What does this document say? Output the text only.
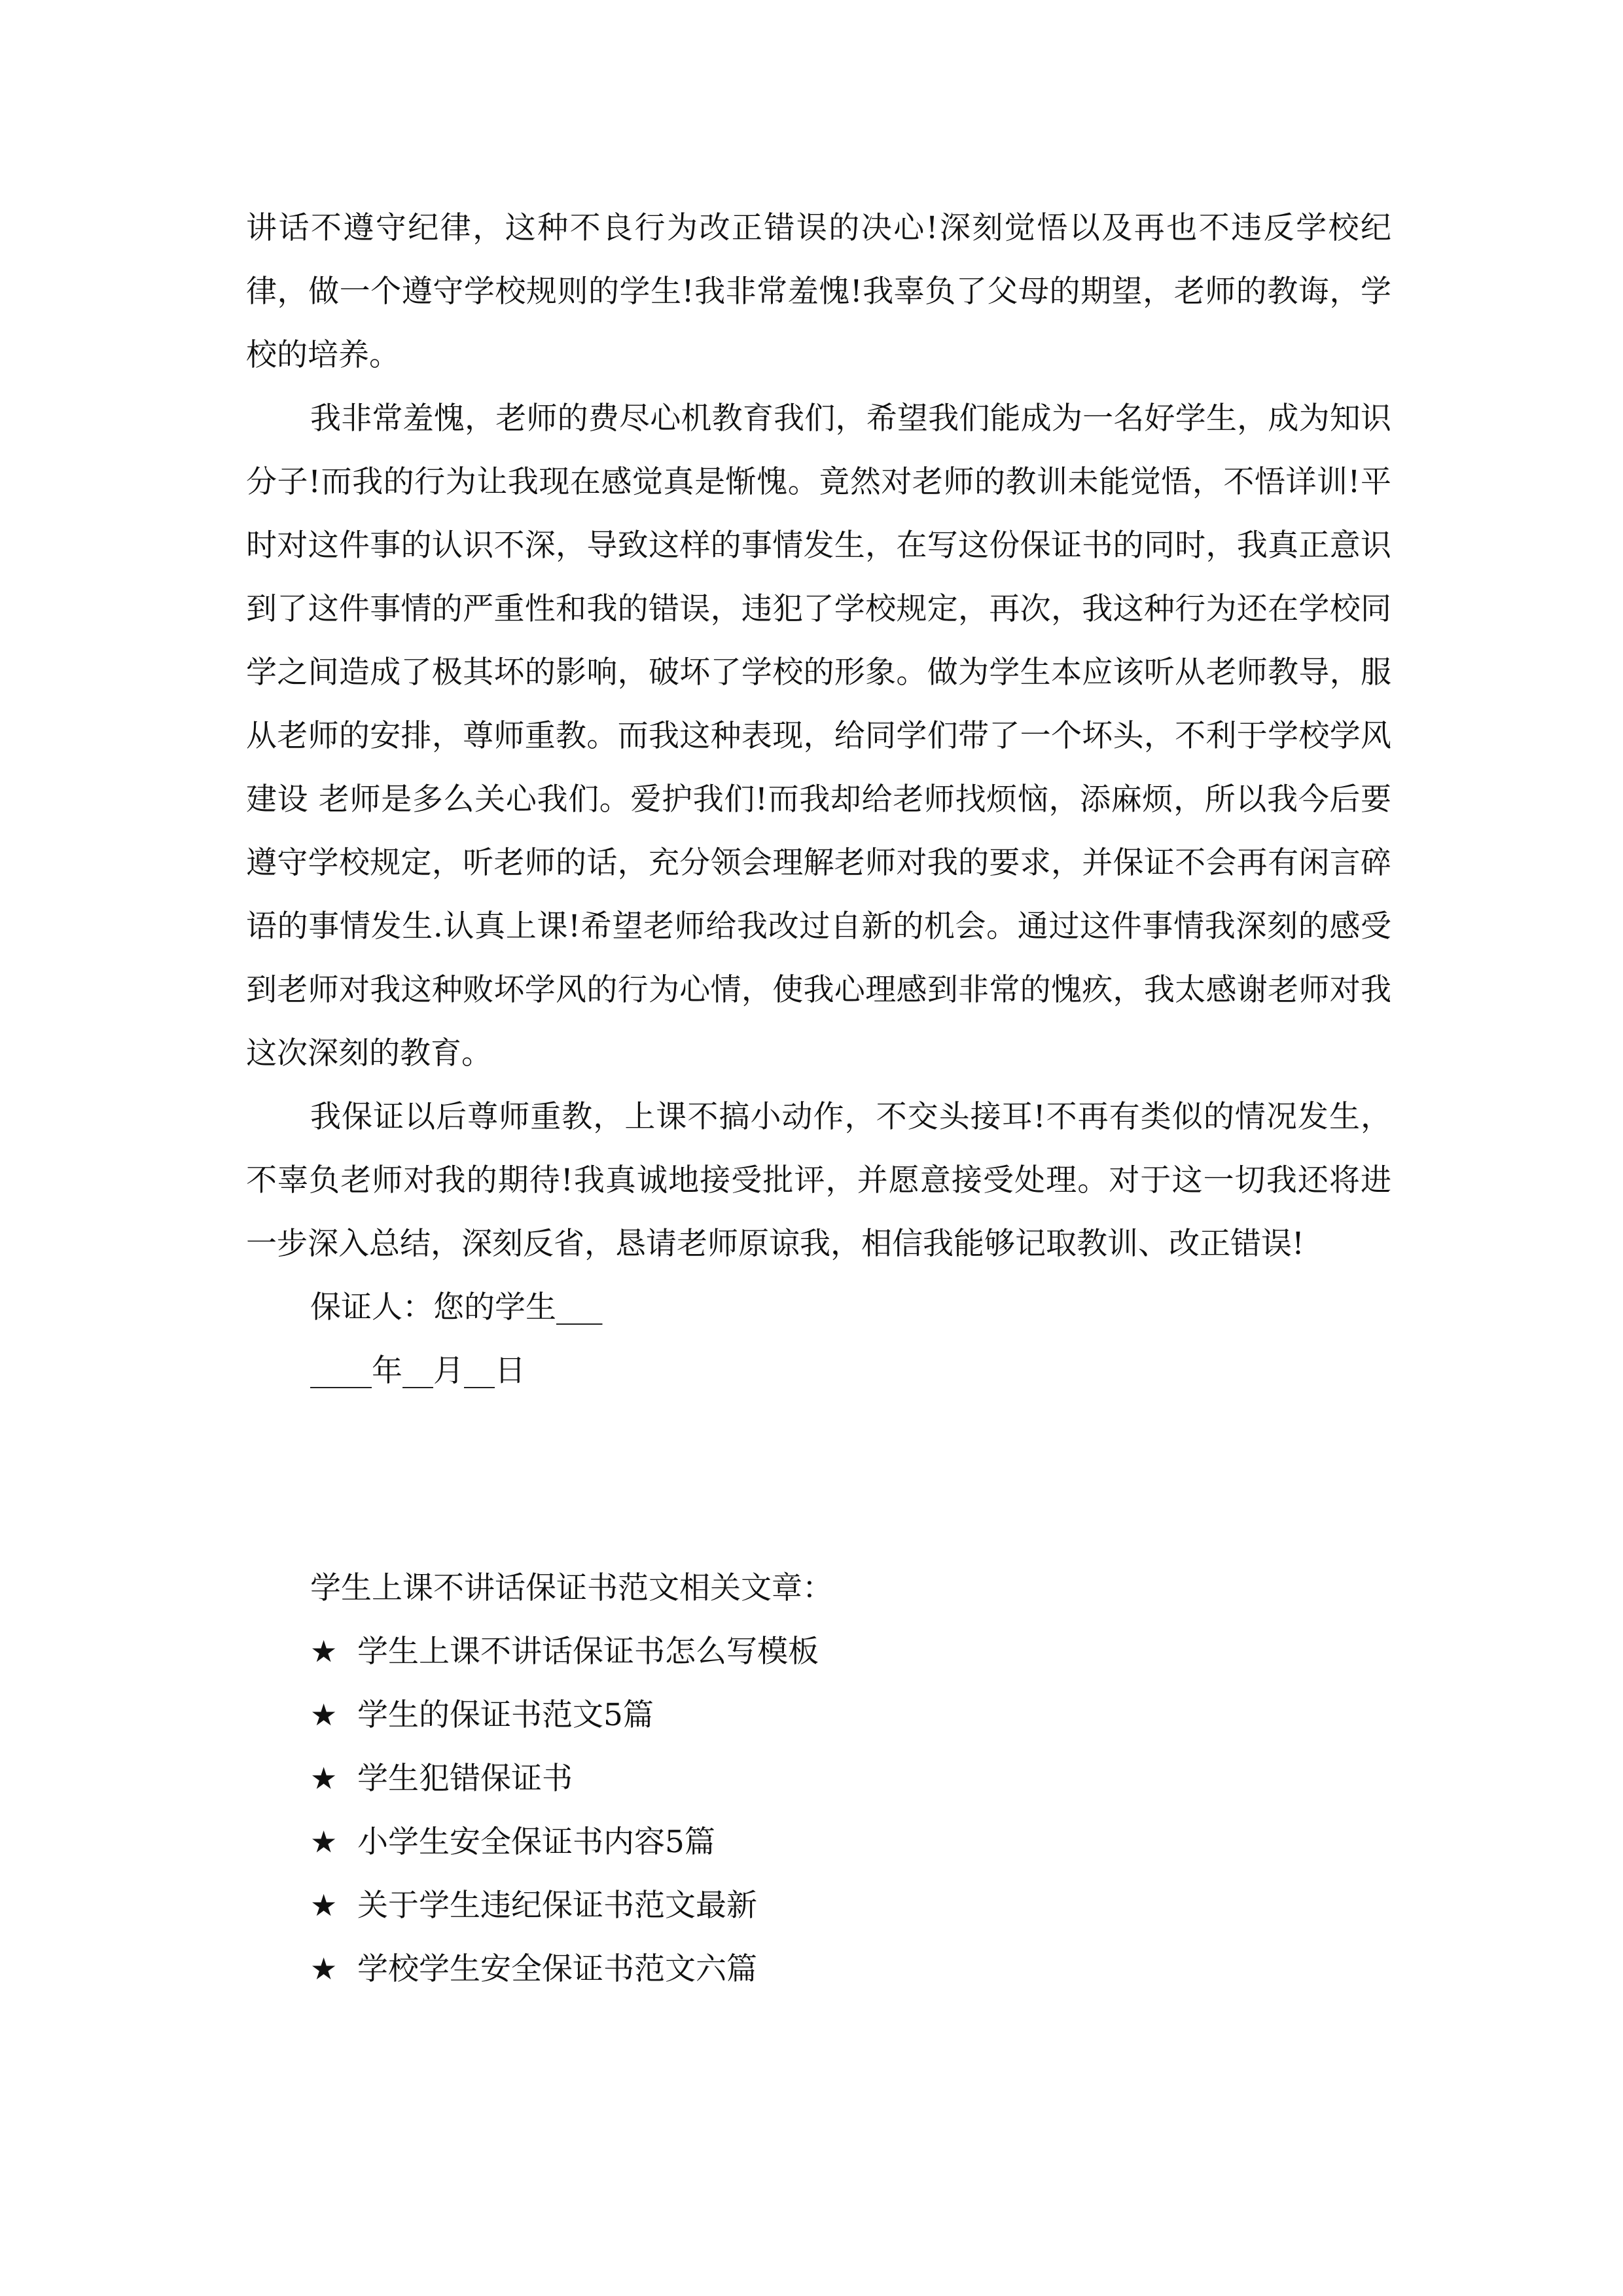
讲话不遵守纪律，这种不良行为改正错误的决心!深刻觉悟以及再也不违反学校纪律，做一个遵守学校规则的学生!我非常羞愧!我辜负了父母的期望，老师的教诲，学校的培养。

我非常羞愧，老师的费尽心机教育我们，希望我们能成为一名好学生，成为知识分子!而我的行为让我现在感觉真是惭愧。竟然对老师的教训未能觉悟，不悟详训!平时对这件事的认识不深，导致这样的事情发生，在写这份保证书的同时，我真正意识到了这件事情的严重性和我的错误，违犯了学校规定，再次，我这种行为还在学校同学之间造成了极其坏的影响，破坏了学校的形象。做为学生本应该听从老师教导，服从老师的安排，尊师重教。而我这种表现，给同学们带了一个坏头，不利于学校学风建设 老师是多么关心我们。爱护我们!而我却给老师找烦恼，添麻烦，所以我今后要遵守学校规定，听老师的话，充分领会理解老师对我的要求，并保证不会再有闲言碎语的事情发生.认真上课!希望老师给我改过自新的机会。通过这件事情我深刻的感受到老师对我这种败坏学风的行为心情，使我心理感到非常的愧疚，我太感谢老师对我这次深刻的教育。

我保证以后尊师重教，上课不搞小动作，不交头接耳!不再有类似的情况发生，不辜负老师对我的期待!我真诚地接受批评，并愿意接受处理。对于这一切我还将进一步深入总结，深刻反省，恳请老师原谅我，相信我能够记取教训、改正错误!

保证人：您的学生___

____年__月__日

学生上课不讲话保证书范文相关文章：

★ 学生上课不讲话保证书怎么写模板
★ 学生的保证书范文5篇
★ 学生犯错保证书
★ 小学生安全保证书内容5篇
★ 关于学生违纪保证书范文最新
★ 学校学生安全保证书范文六篇
